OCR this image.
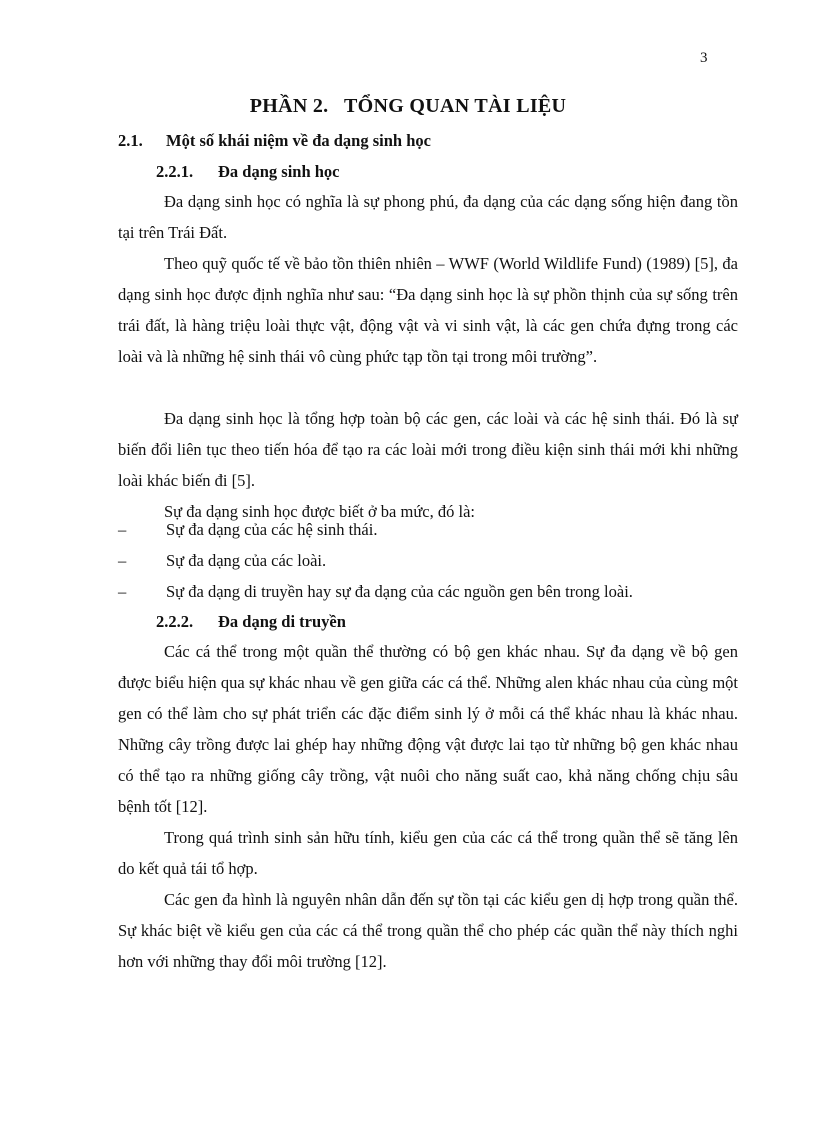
3
PHẦN 2.   TỔNG QUAN TÀI LIỆU
2.1. Một số khái niệm về đa dạng sinh học
2.2.1. Đa dạng sinh học

Đa dạng sinh học có nghĩa là sự phong phú, đa dạng của các dạng sống hiện đang tồn tại trên Trái Đất.

Theo quỹ quốc tế về bảo tồn thiên nhiên – WWF (World Wildlife Fund) (1989) [5], đa dạng sinh học được định nghĩa như sau: “Đa dạng sinh học là sự phồn thịnh của sự sống trên trái đất, là hàng triệu loài thực vật, động vật và vi sinh vật, là các gen chứa đựng trong các loài và là những hệ sinh thái vô cùng phức tạp tồn tại trong môi trường”.

Đa dạng sinh học là tổng hợp toàn bộ các gen, các loài và các hệ sinh thái. Đó là sự biến đổi liên tục theo tiến hóa để tạo ra các loài mới trong điều kiện sinh thái mới khi những loài khác biến đi [5].

Sự đa dạng sinh học được biết ở ba mức, đó là:

– Sự đa dạng của các hệ sinh thái.
– Sự đa dạng của các loài.
– Sự đa dạng di truyền hay sự đa dạng của các nguồn gen bên trong loài.
2.2.2. Đa dạng di truyền

Các cá thể trong một quần thể thường có bộ gen khác nhau. Sự đa dạng về bộ gen được biểu hiện qua sự khác nhau về gen giữa các cá thể. Những alen khác nhau của cùng một gen có thể làm cho sự phát triển các đặc điểm sinh lý ở mỗi cá thể khác nhau là khác nhau. Những cây trồng được lai ghép hay những động vật được lai tạo từ những bộ gen khác nhau có thể tạo ra những giống cây trồng, vật nuôi cho năng suất cao, khả năng chống chịu sâu bệnh tốt [12].

Trong quá trình sinh sản hữu tính, kiểu gen của các cá thể trong quần thể sẽ tăng lên do kết quả tái tổ hợp.

Các gen đa hình là nguyên nhân dẫn đến sự tồn tại các kiểu gen dị hợp trong quần thể. Sự khác biệt về kiểu gen của các cá thể trong quần thể cho phép các quần thể này thích nghi hơn với những thay đổi môi trường [12].
